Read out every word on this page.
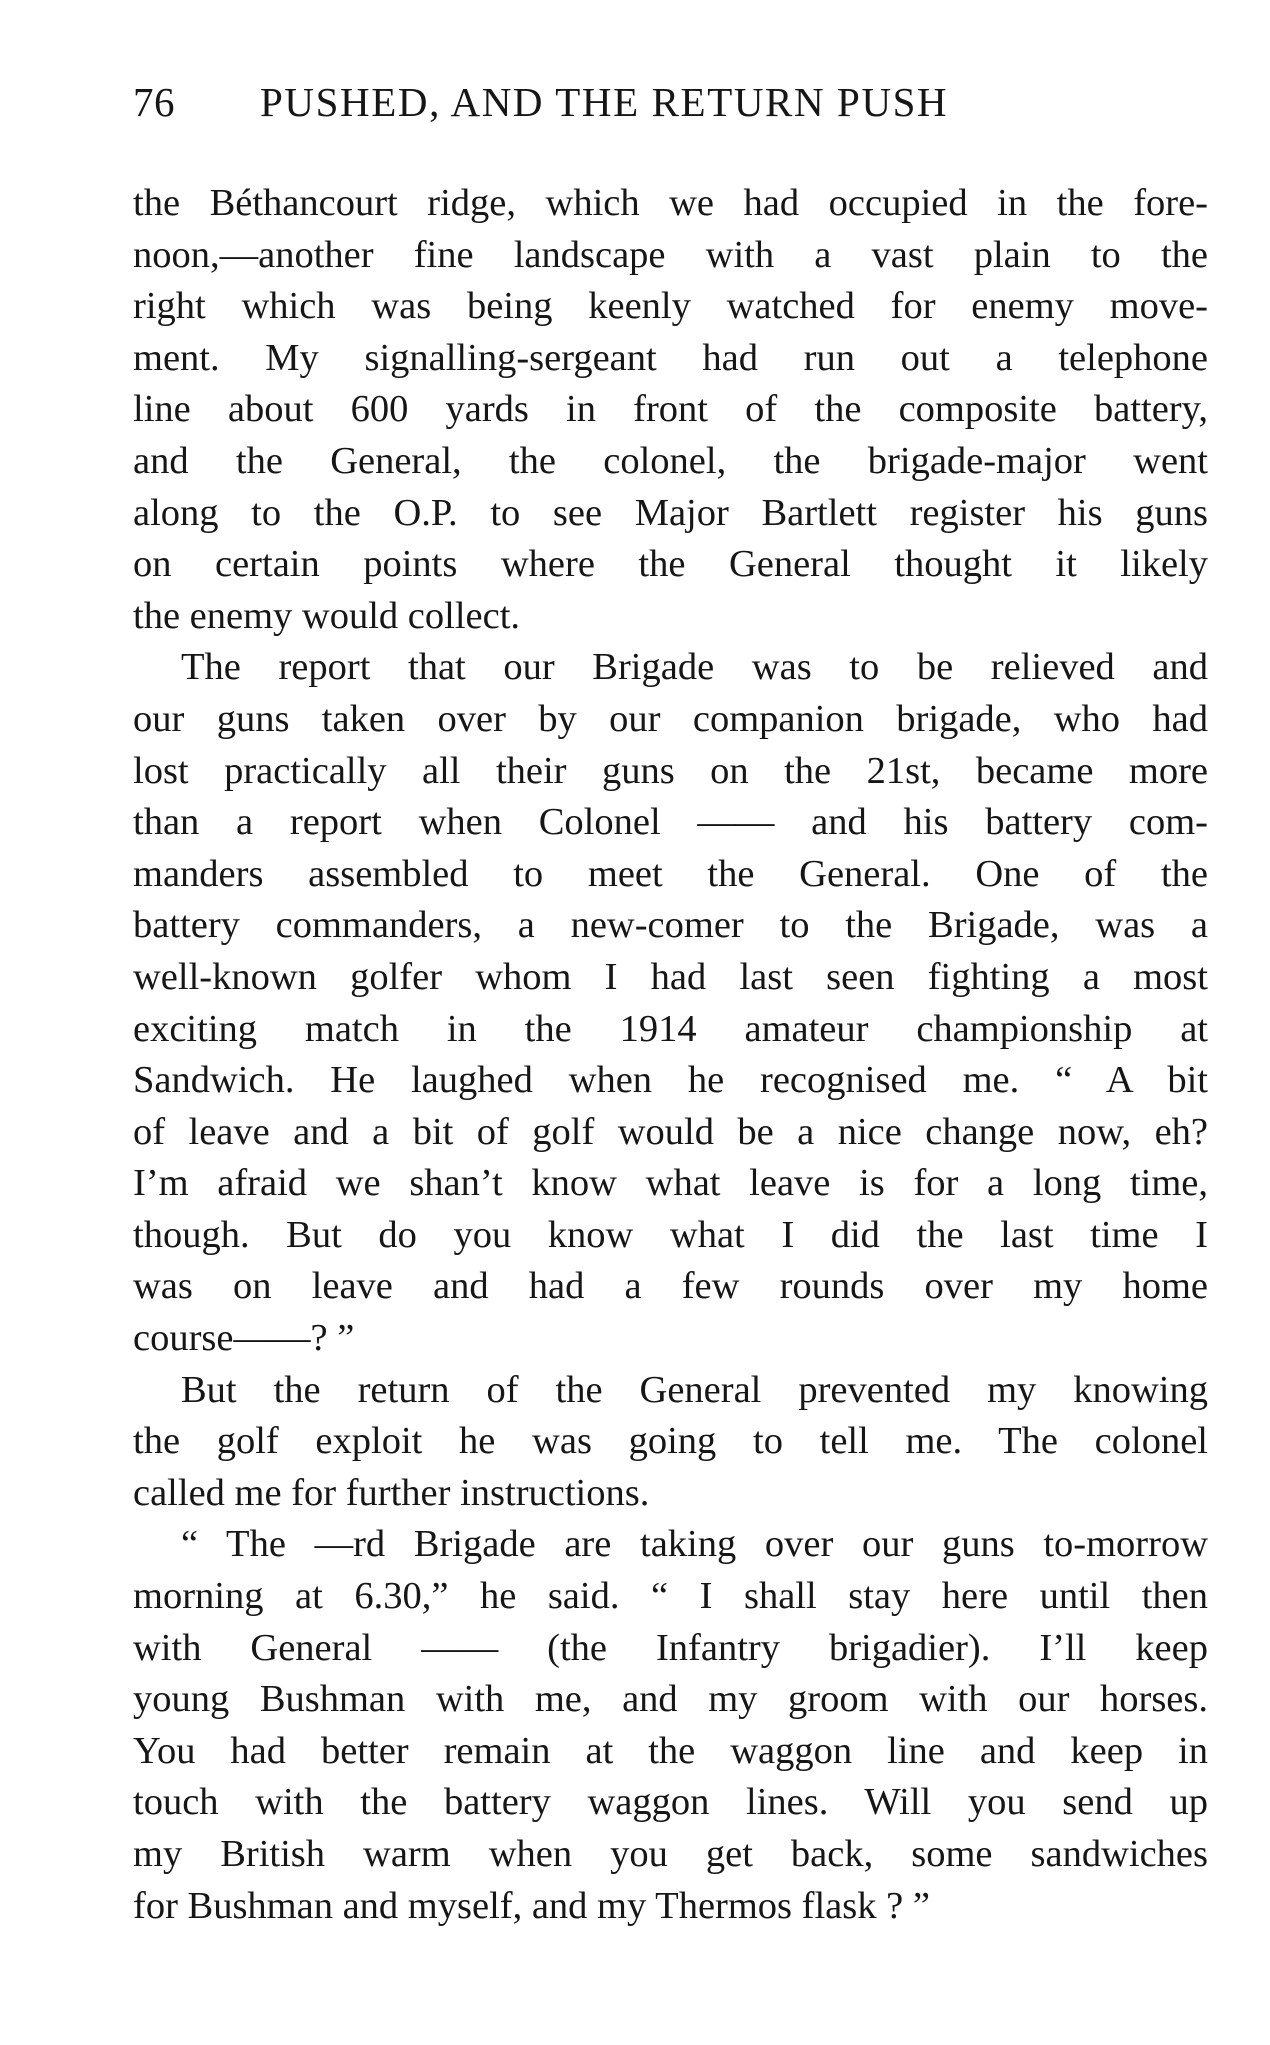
76 PUSHED, AND THE RETURN PUSH

the Béthancourt ridge, which we had occupied in the fore-
noon,—another fine landscape with a vast plain to the
right which was being keenly watched for enemy move-
ment. My signalling-sergeant had run out a telephone
line about 600 yards in front of the composite battery,
and the General, the colonel, the brigade-major went
along to the O.P. to see Major Bartlett register his guns
on certain points where the General thought it likely
the enemy would collect.

The report that our Brigade was to be relieved and
our guns taken over by our companion brigade, who had
lost practically all their guns on the 21st, became more
than a report when Colonel —— and his battery com-
manders assembled to meet the General. One of the
battery commanders, a new-comer to the Brigade, was a
well-known golfer whom I had last seen fighting a most
exciting match in the 1914 amateur championship at
Sandwich. He laughed when he recognised me. “ A bit
of leave and a bit of golf would be a nice change now, eh?
I’m afraid we shan’t know what leave is for a long time,
though. But do you know what I did the last time I
was on leave and had a few rounds over my home
course——? ”

But the return of the General prevented my knowing
the golf exploit he was going to tell me. The colonel
called me for further instructions.

“ The —rd Brigade are taking over our guns to-morrow
morning at 6.30,” he said. “ I shall stay here until then
with General —— (the Infantry brigadier). I’ll keep
young Bushman with me, and my groom with our horses.
You had better remain at the waggon line and keep in
touch with the battery waggon lines. Will you send up
my British warm when you get back, some sandwiches
for Bushman and myself, and my Thermos flask ? ”
